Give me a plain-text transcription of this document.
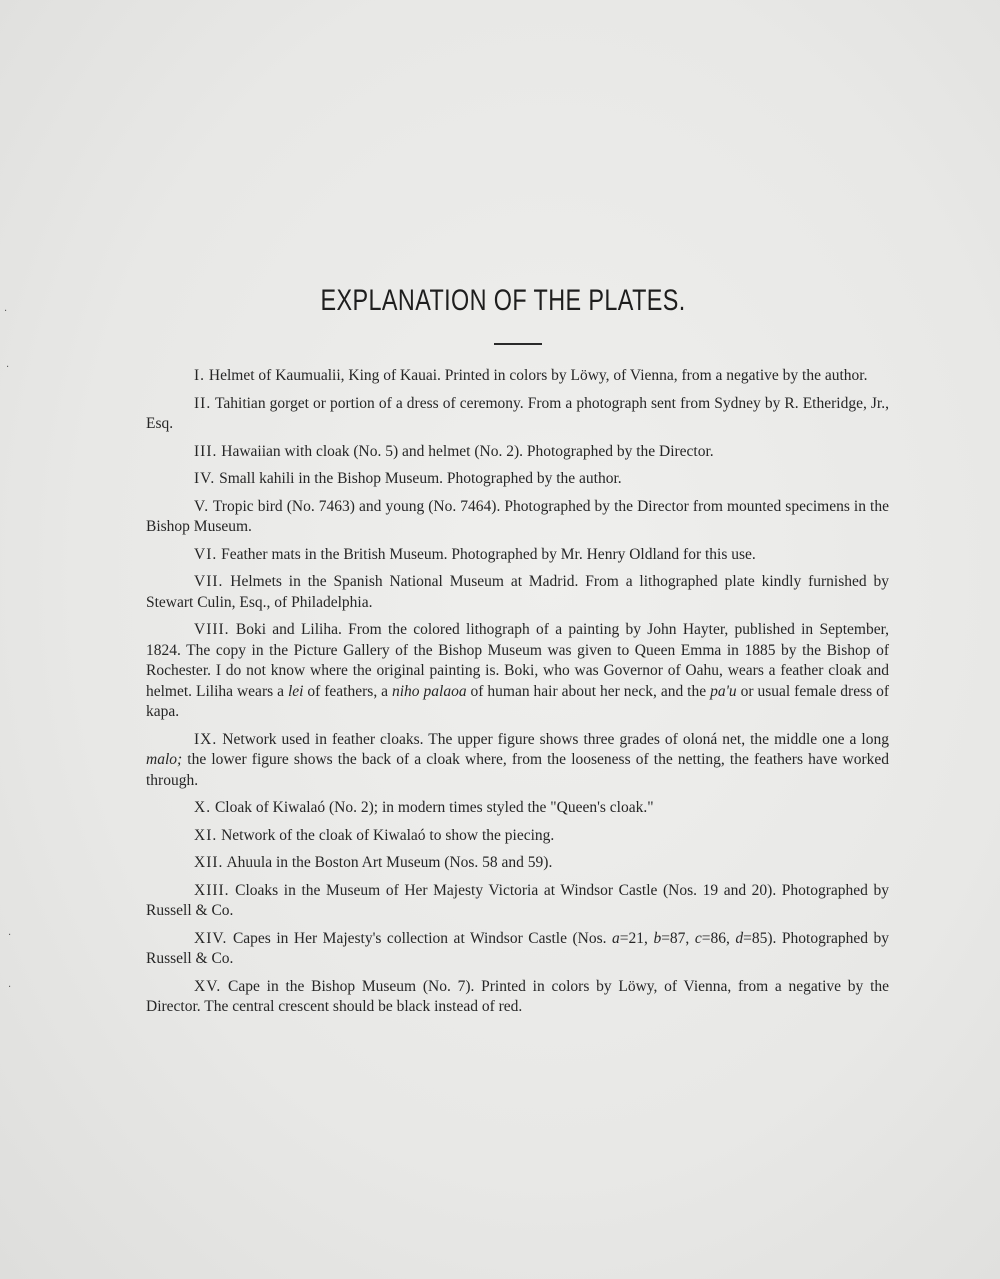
EXPLANATION OF THE PLATES.
I. Helmet of Kaumualii, King of Kauai. Printed in colors by Löwy, of Vienna, from a negative by the author.
II. Tahitian gorget or portion of a dress of ceremony. From a photograph sent from Sydney by R. Etheridge, Jr., Esq.
III. Hawaiian with cloak (No. 5) and helmet (No. 2). Photographed by the Director.
IV. Small kahili in the Bishop Museum. Photographed by the author.
V. Tropic bird (No. 7463) and young (No. 7464). Photographed by the Director from mounted specimens in the Bishop Museum.
VI. Feather mats in the British Museum. Photographed by Mr. Henry Oldland for this use.
VII. Helmets in the Spanish National Museum at Madrid. From a lithographed plate kindly furnished by Stewart Culin, Esq., of Philadelphia.
VIII. Boki and Liliha. From the colored lithograph of a painting by John Hayter, published in September, 1824. The copy in the Picture Gallery of the Bishop Museum was given to Queen Emma in 1885 by the Bishop of Rochester. I do not know where the original painting is. Boki, who was Governor of Oahu, wears a feather cloak and helmet. Liliha wears a lei of feathers, a niho palaoa of human hair about her neck, and the pa'u or usual female dress of kapa.
IX. Network used in feather cloaks. The upper figure shows three grades of oloná net, the middle one a long malo; the lower figure shows the back of a cloak where, from the looseness of the netting, the feathers have worked through.
X. Cloak of Kiwalaó (No. 2); in modern times styled the "Queen's cloak."
XI. Network of the cloak of Kiwalaó to show the piecing.
XII. Ahuula in the Boston Art Museum (Nos. 58 and 59).
XIII. Cloaks in the Museum of Her Majesty Victoria at Windsor Castle (Nos. 19 and 20). Photographed by Russell & Co.
XIV. Capes in Her Majesty's collection at Windsor Castle (Nos. a=21, b=87, c=86, d=85). Photographed by Russell & Co.
XV. Cape in the Bishop Museum (No. 7). Printed in colors by Löwy, of Vienna, from a negative by the Director. The central crescent should be black instead of red.
·
·
·
·
